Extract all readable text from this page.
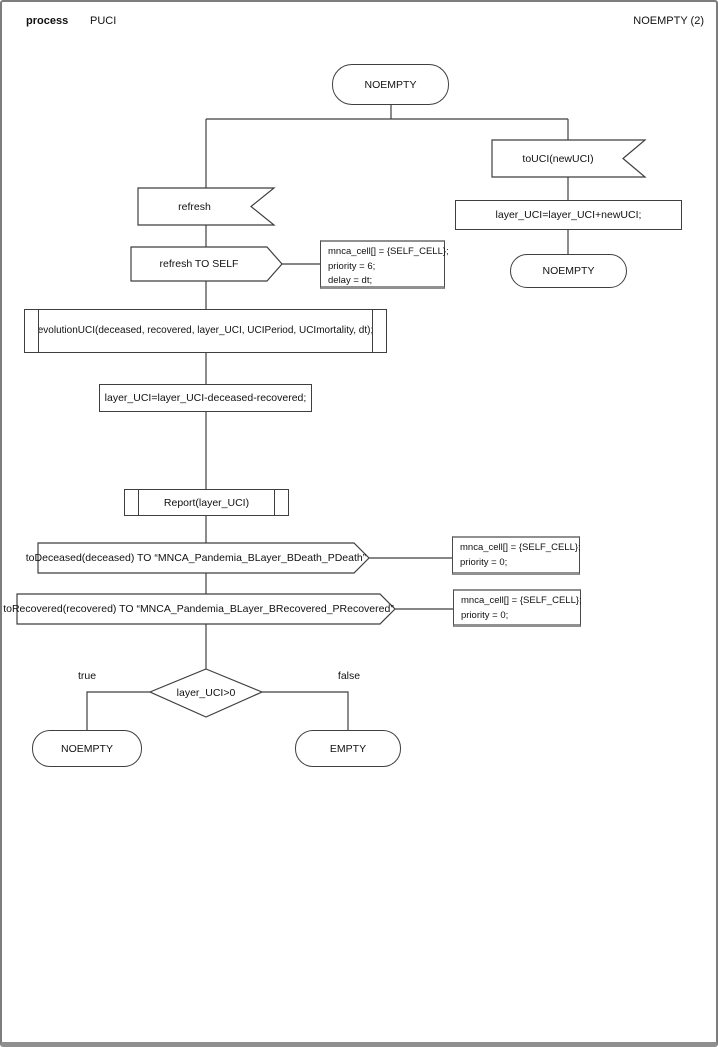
process PUCI	NOEMPTY (2)
NOEMPTY
toUCI(newUCI)
layer_UCI=layer_UCI+newUCI;
NOEMPTY
refresh
refresh TO SELF
mnca_cell[] = {SELF_CELL};
priority = 6;
delay = dt;
evolutionUCI(deceased, recovered, layer_UCI, UCIPeriod, UCImortality, dt);
layer_UCI=layer_UCI-deceased-recovered;
Report(layer_UCI)
toDeceased(deceased) TO “MNCA_Pandemia_BLayer_BDeath_PDeath”
mnca_cell[] = {SELF_CELL};
priority = 0;
toRecovered(recovered) TO “MNCA_Pandemia_BLayer_BRecovered_PRecovered”
mnca_cell[] = {SELF_CELL};
priority = 0;
layer_UCI>0
true	false
NOEMPTY	EMPTY
